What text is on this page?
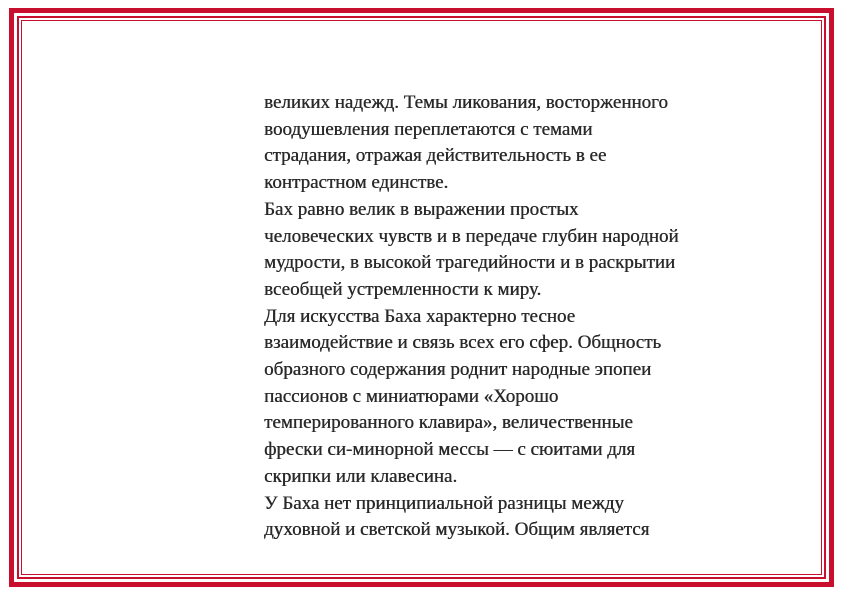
великих надежд. Темы ликования, восторженного
воодушевления переплетаются с темами
страдания, отражая действительность в ее
контрастном единстве.
Бах равно велик в выражении простых
человеческих чувств и в передаче глубин народной
мудрости, в высокой трагедийности и в раскрытии
всеобщей устремленности к миру.
Для искусства Баха характерно тесное
взаимодействие и связь всех его сфер. Общность
образного содержания роднит народные эпопеи
пассионов с миниатюрами «Хорошо
темперированного клавира», величественные
фрески си-минорной мессы — с сюитами для
скрипки или клавесина.
У Баха нет принципиальной разницы между
духовной и светской музыкой. Общим является
